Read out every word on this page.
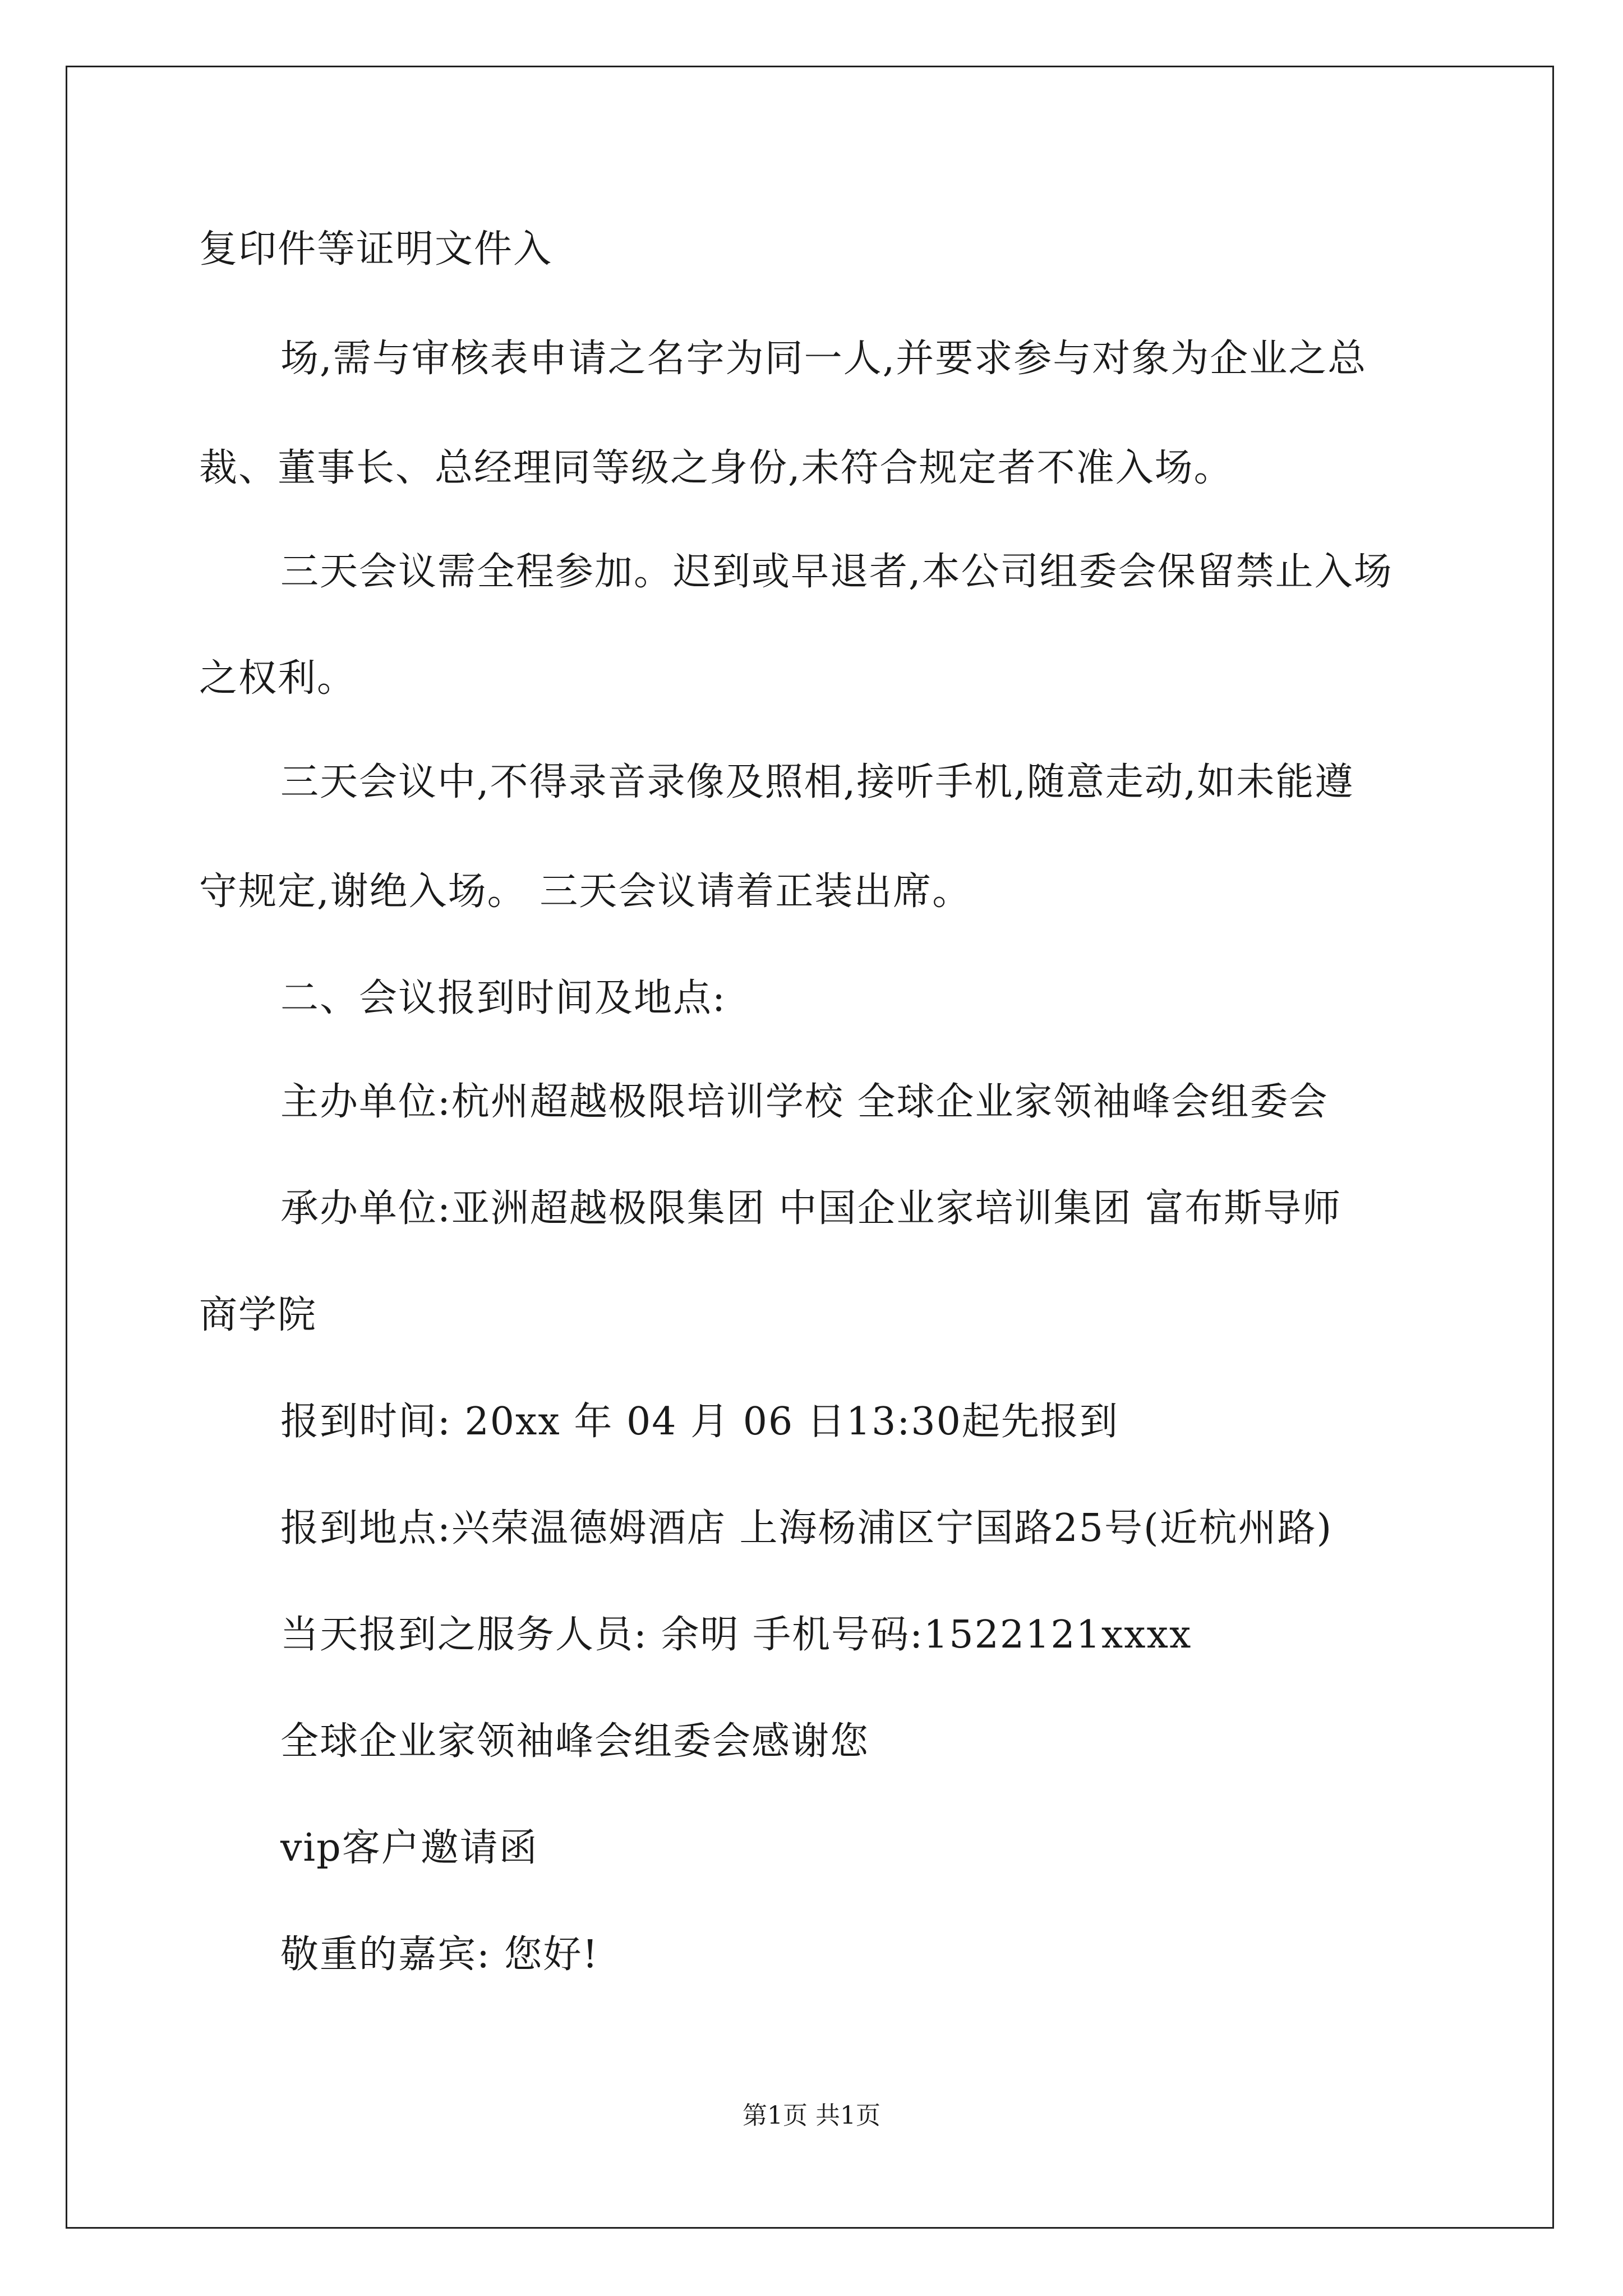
复印件等证明文件入
场,需与审核表申请之名字为同一人,并要求参与对象为企业之总
裁、董事长、总经理同等级之身份,未符合规定者不准入场。
三天会议需全程参加。迟到或早退者,本公司组委会保留禁止入场
之权利。
三天会议中,不得录音录像及照相,接听手机,随意走动,如未能遵
守规定,谢绝入场。 三天会议请着正装出席。
二、会议报到时间及地点:
主办单位:杭州超越极限培训学校 全球企业家领袖峰会组委会
承办单位:亚洲超越极限集团 中国企业家培训集团 富布斯导师
商学院
报到时间: 20xx 年 04 月 06 日13:30起先报到
报到地点:兴荣温德姆酒店 上海杨浦区宁国路25号(近杭州路)
当天报到之服务人员: 余明 手机号码:1522121xxxx
全球企业家领袖峰会组委会感谢您
vip客户邀请函
敬重的嘉宾: 您好!
第1页 共1页
